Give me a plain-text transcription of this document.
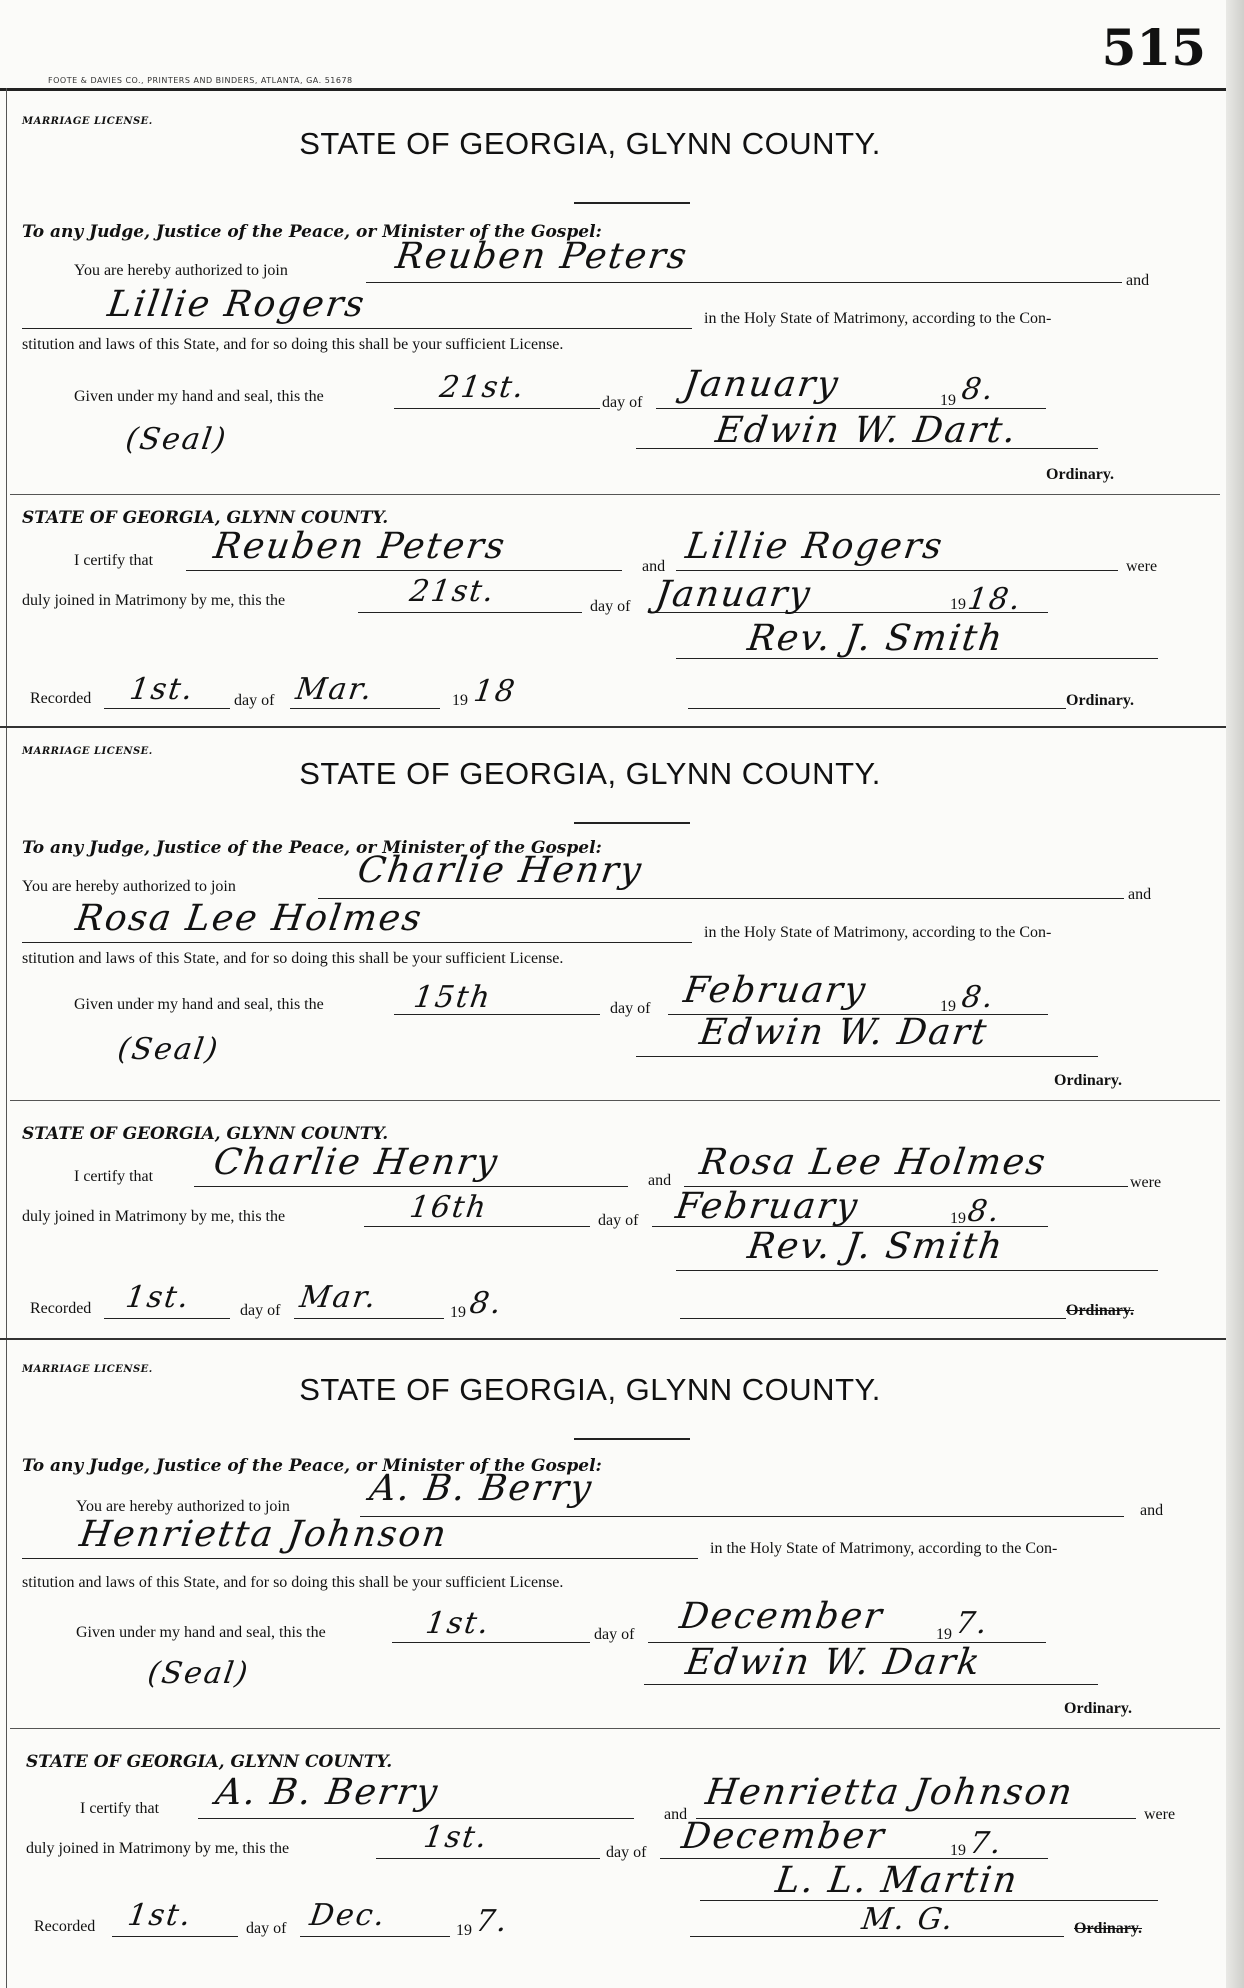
515
FOOTE & DAVIES CO., PRINTERS AND BINDERS, ATLANTA, GA. 51678
MARRIAGE LICENSE.
STATE OF GEORGIA, GLYNN COUNTY.
To any Judge, Justice of the Peace, or Minister of the Gospel:
You are hereby authorized to join	Reuben Peters
and
Lillie Rogers	in the Holy State of Matrimony, according to the Con-
stitution and laws of this State, and for so doing this shall be your sufficient License.
Given under my hand and seal, this the	21st.	day of January	19 8.
(Seal)	Edwin W. Dart.
Ordinary.
STATE OF GEORGIA, GLYNN COUNTY.
I certify that Reuben Peters	and Lillie Rogers	were
duly joined in Matrimony by me, this the	21st.	day of January	19 18.
Rev. J. Smith
Recorded 1st. day of Mar.	19 18	Ordinary.
MARRIAGE LICENSE.
STATE OF GEORGIA, GLYNN COUNTY.
To any Judge, Justice of the Peace, or Minister of the Gospel:
You are hereby authorized to join	Charlie Henry
and
Rosa Lee Holmes	in the Holy State of Matrimony, according to the Con-
stitution and laws of this State, and for so doing this shall be your sufficient License.
Given under my hand and seal, this the	15th	day of February	19 8.
(Seal)	Edwin W. Dart
Ordinary.
STATE OF GEORGIA, GLYNN COUNTY.
I certify that Charlie Henry	and Rosa Lee Holmes	were
duly joined in Matrimony by me, this the	16th	day of February	19 8.
Rev. J. Smith
Recorded 1st.	day of Mar.	19 8.	Ordinary.
MARRIAGE LICENSE.
STATE OF GEORGIA, GLYNN COUNTY.
To any Judge, Justice of the Peace, or Minister of the Gospel:
You are hereby authorized to join A. B. Berry
and
Henrietta Johnson	in the Holy State of Matrimony, according to the Con-
stitution and laws of this State, and for so doing this shall be your sufficient License.
Given under my hand and seal, this the	1st.	day of December	19 7.
(Seal)	Edwin W. Dark
Ordinary.
STATE OF GEORGIA, GLYNN COUNTY.
I certify that A. B. Berry
and
Henrietta Johnson
were
duly joined in Matrimony by me, this the	1st.	day of December	19 7.
L. L. Martin
Recorded 1st.	day of Dec.	19 7.	M. G.	Ordinary.
